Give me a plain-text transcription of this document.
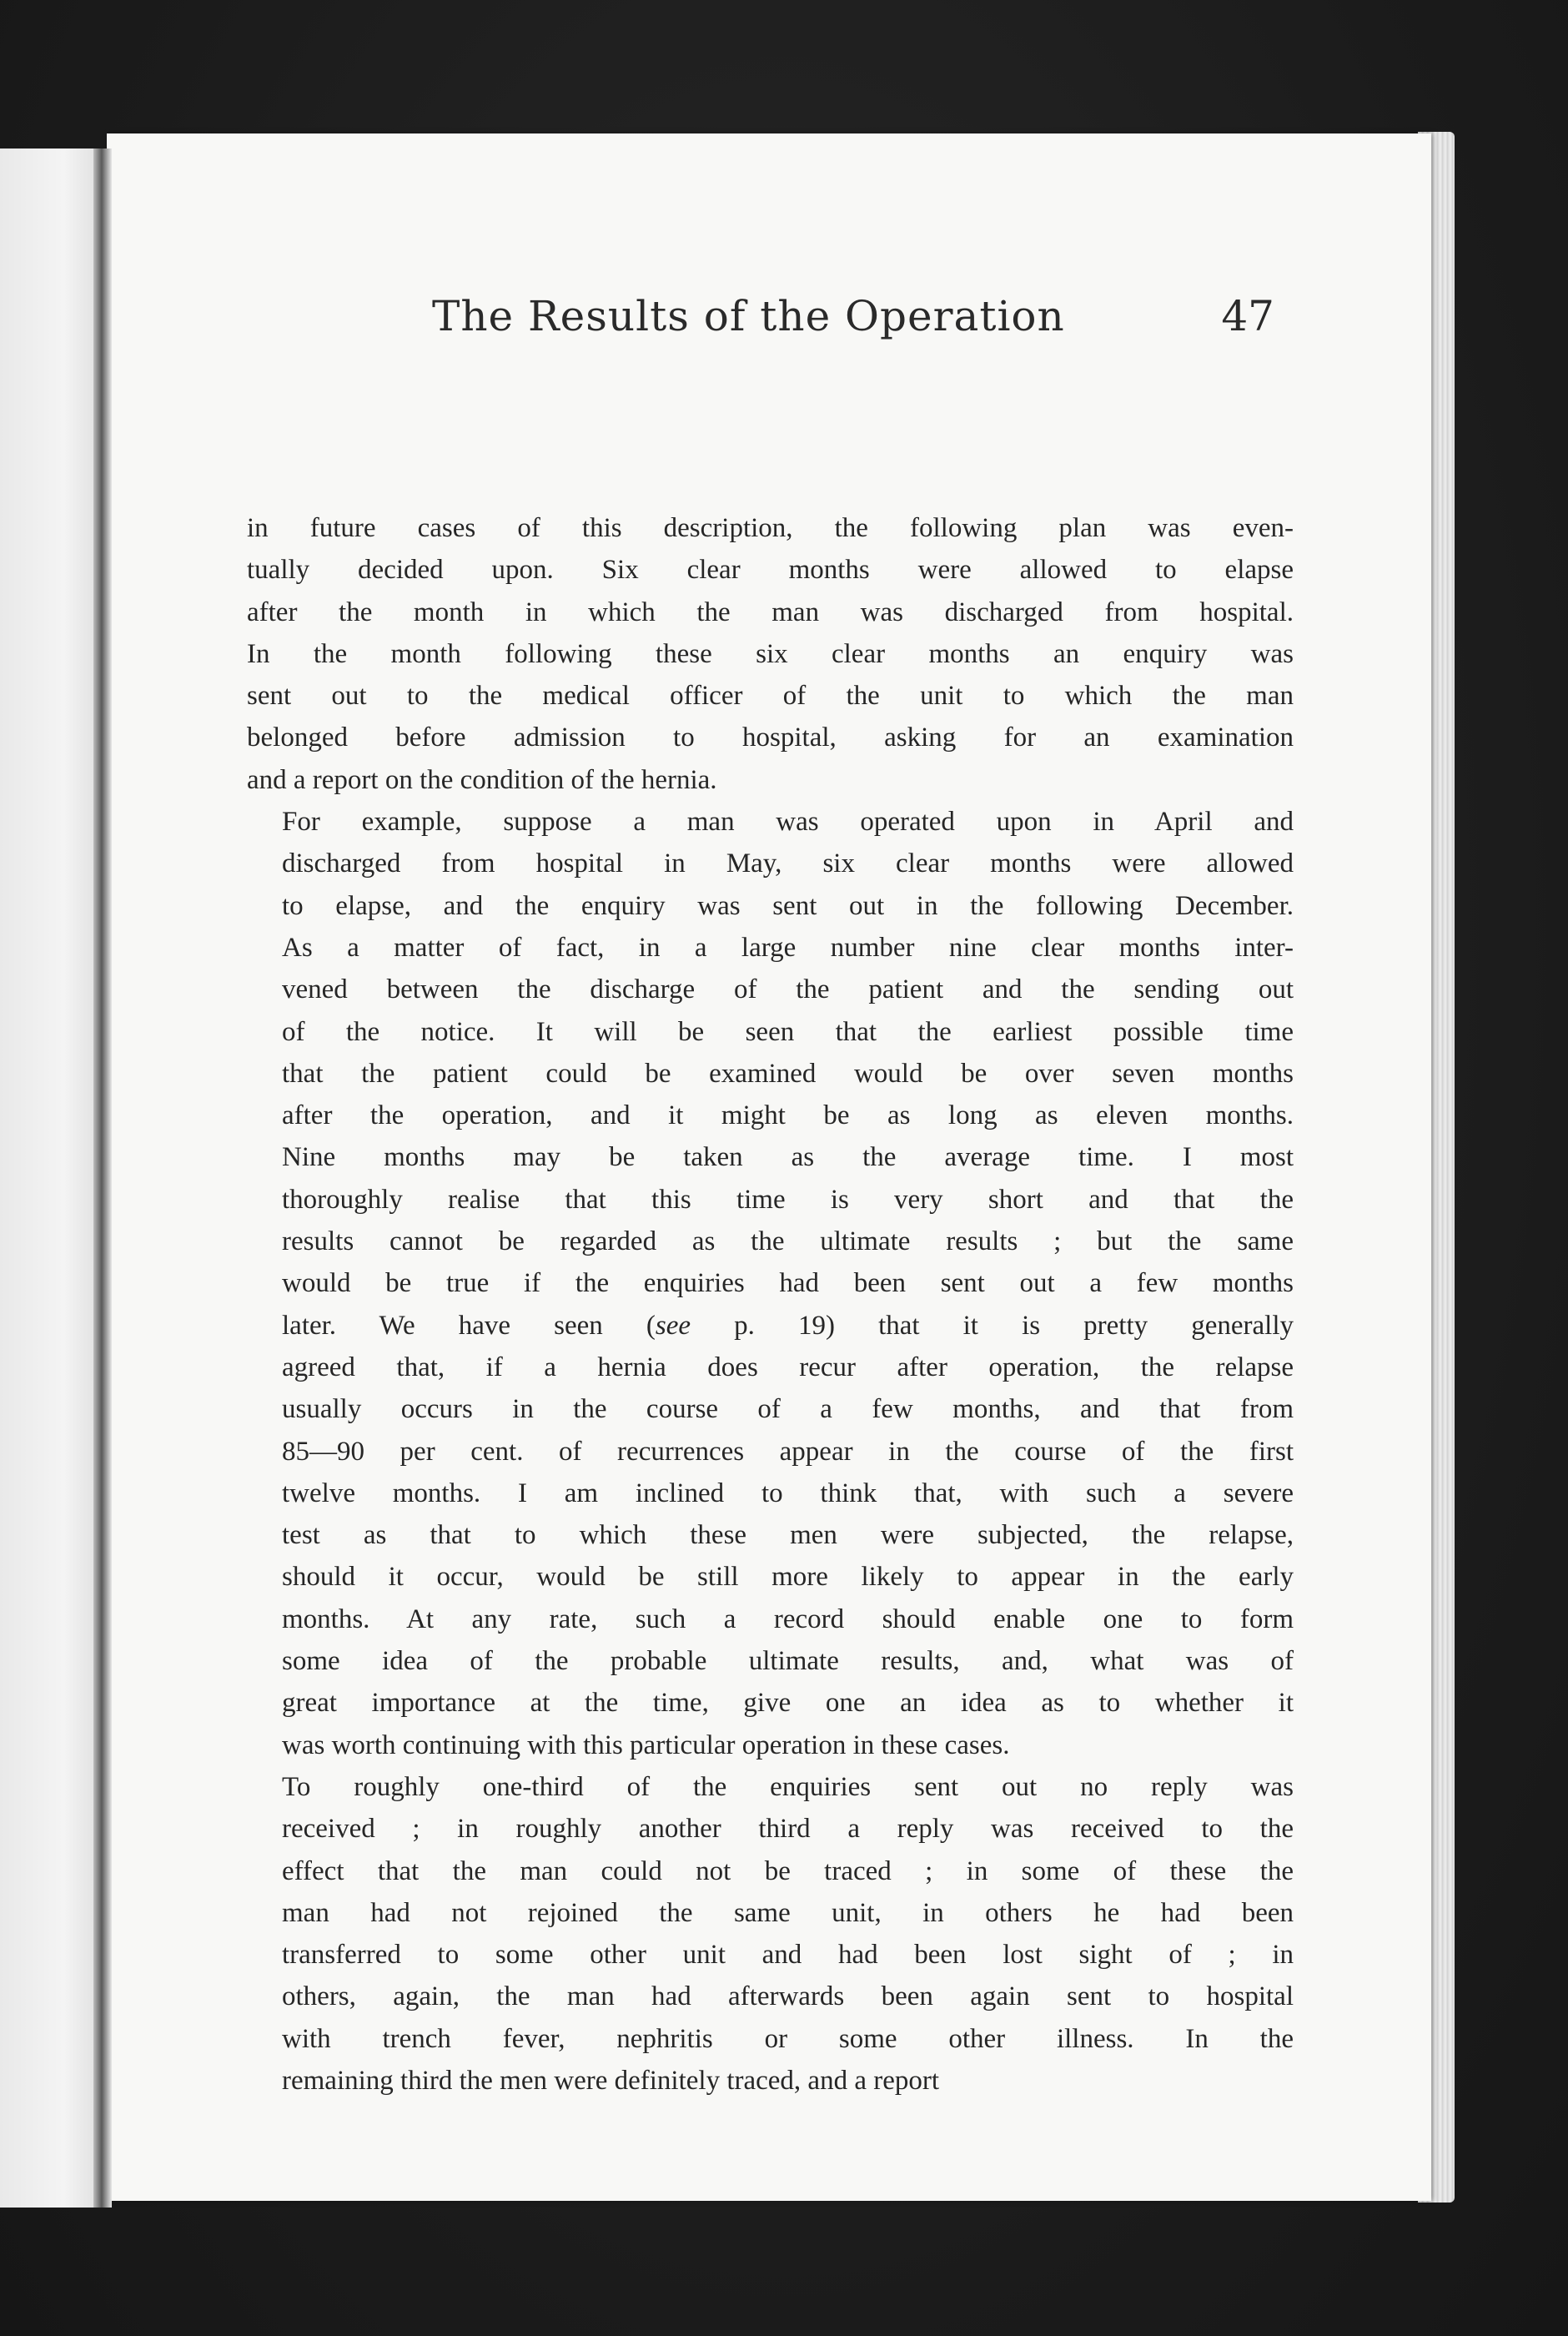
The Results of the Operation	47
in future cases of this description, the following plan was even-
tually decided upon. Six clear months were allowed to elapse
after the month in which the man was discharged from hospital.
In the month following these six clear months an enquiry was
sent out to the medical officer of the unit to which the man
belonged before admission to hospital, asking for an examination
and a report on the condition of the hernia.
For example, suppose a man was operated upon in April and
discharged from hospital in May, six clear months were allowed
to elapse, and the enquiry was sent out in the following December.
As a matter of fact, in a large number nine clear months inter-
vened between the discharge of the patient and the sending out
of the notice. It will be seen that the earliest possible time
that the patient could be examined would be over seven months
after the operation, and it might be as long as eleven months.
Nine months may be taken as the average time. I most
thoroughly realise that this time is very short and that the
results cannot be regarded as the ultimate results ; but the same
would be true if the enquiries had been sent out a few months
later. We have seen (see p. 19) that it is pretty generally
agreed that, if a hernia does recur after operation, the relapse
usually occurs in the course of a few months, and that from
85—90 per cent. of recurrences appear in the course of the first
twelve months. I am inclined to think that, with such a severe
test as that to which these men were subjected, the relapse,
should it occur, would be still more likely to appear in the early
months. At any rate, such a record should enable one to form
some idea of the probable ultimate results, and, what was of
great importance at the time, give one an idea as to whether it
was worth continuing with this particular operation in these cases.
To roughly one-third of the enquiries sent out no reply was
received ; in roughly another third a reply was received to the
effect that the man could not be traced ; in some of these the
man had not rejoined the same unit, in others he had been
transferred to some other unit and had been lost sight of ; in
others, again, the man had afterwards been again sent to hospital
with trench fever, nephritis or some other illness. In the
remaining third the men were definitely traced, and a report
